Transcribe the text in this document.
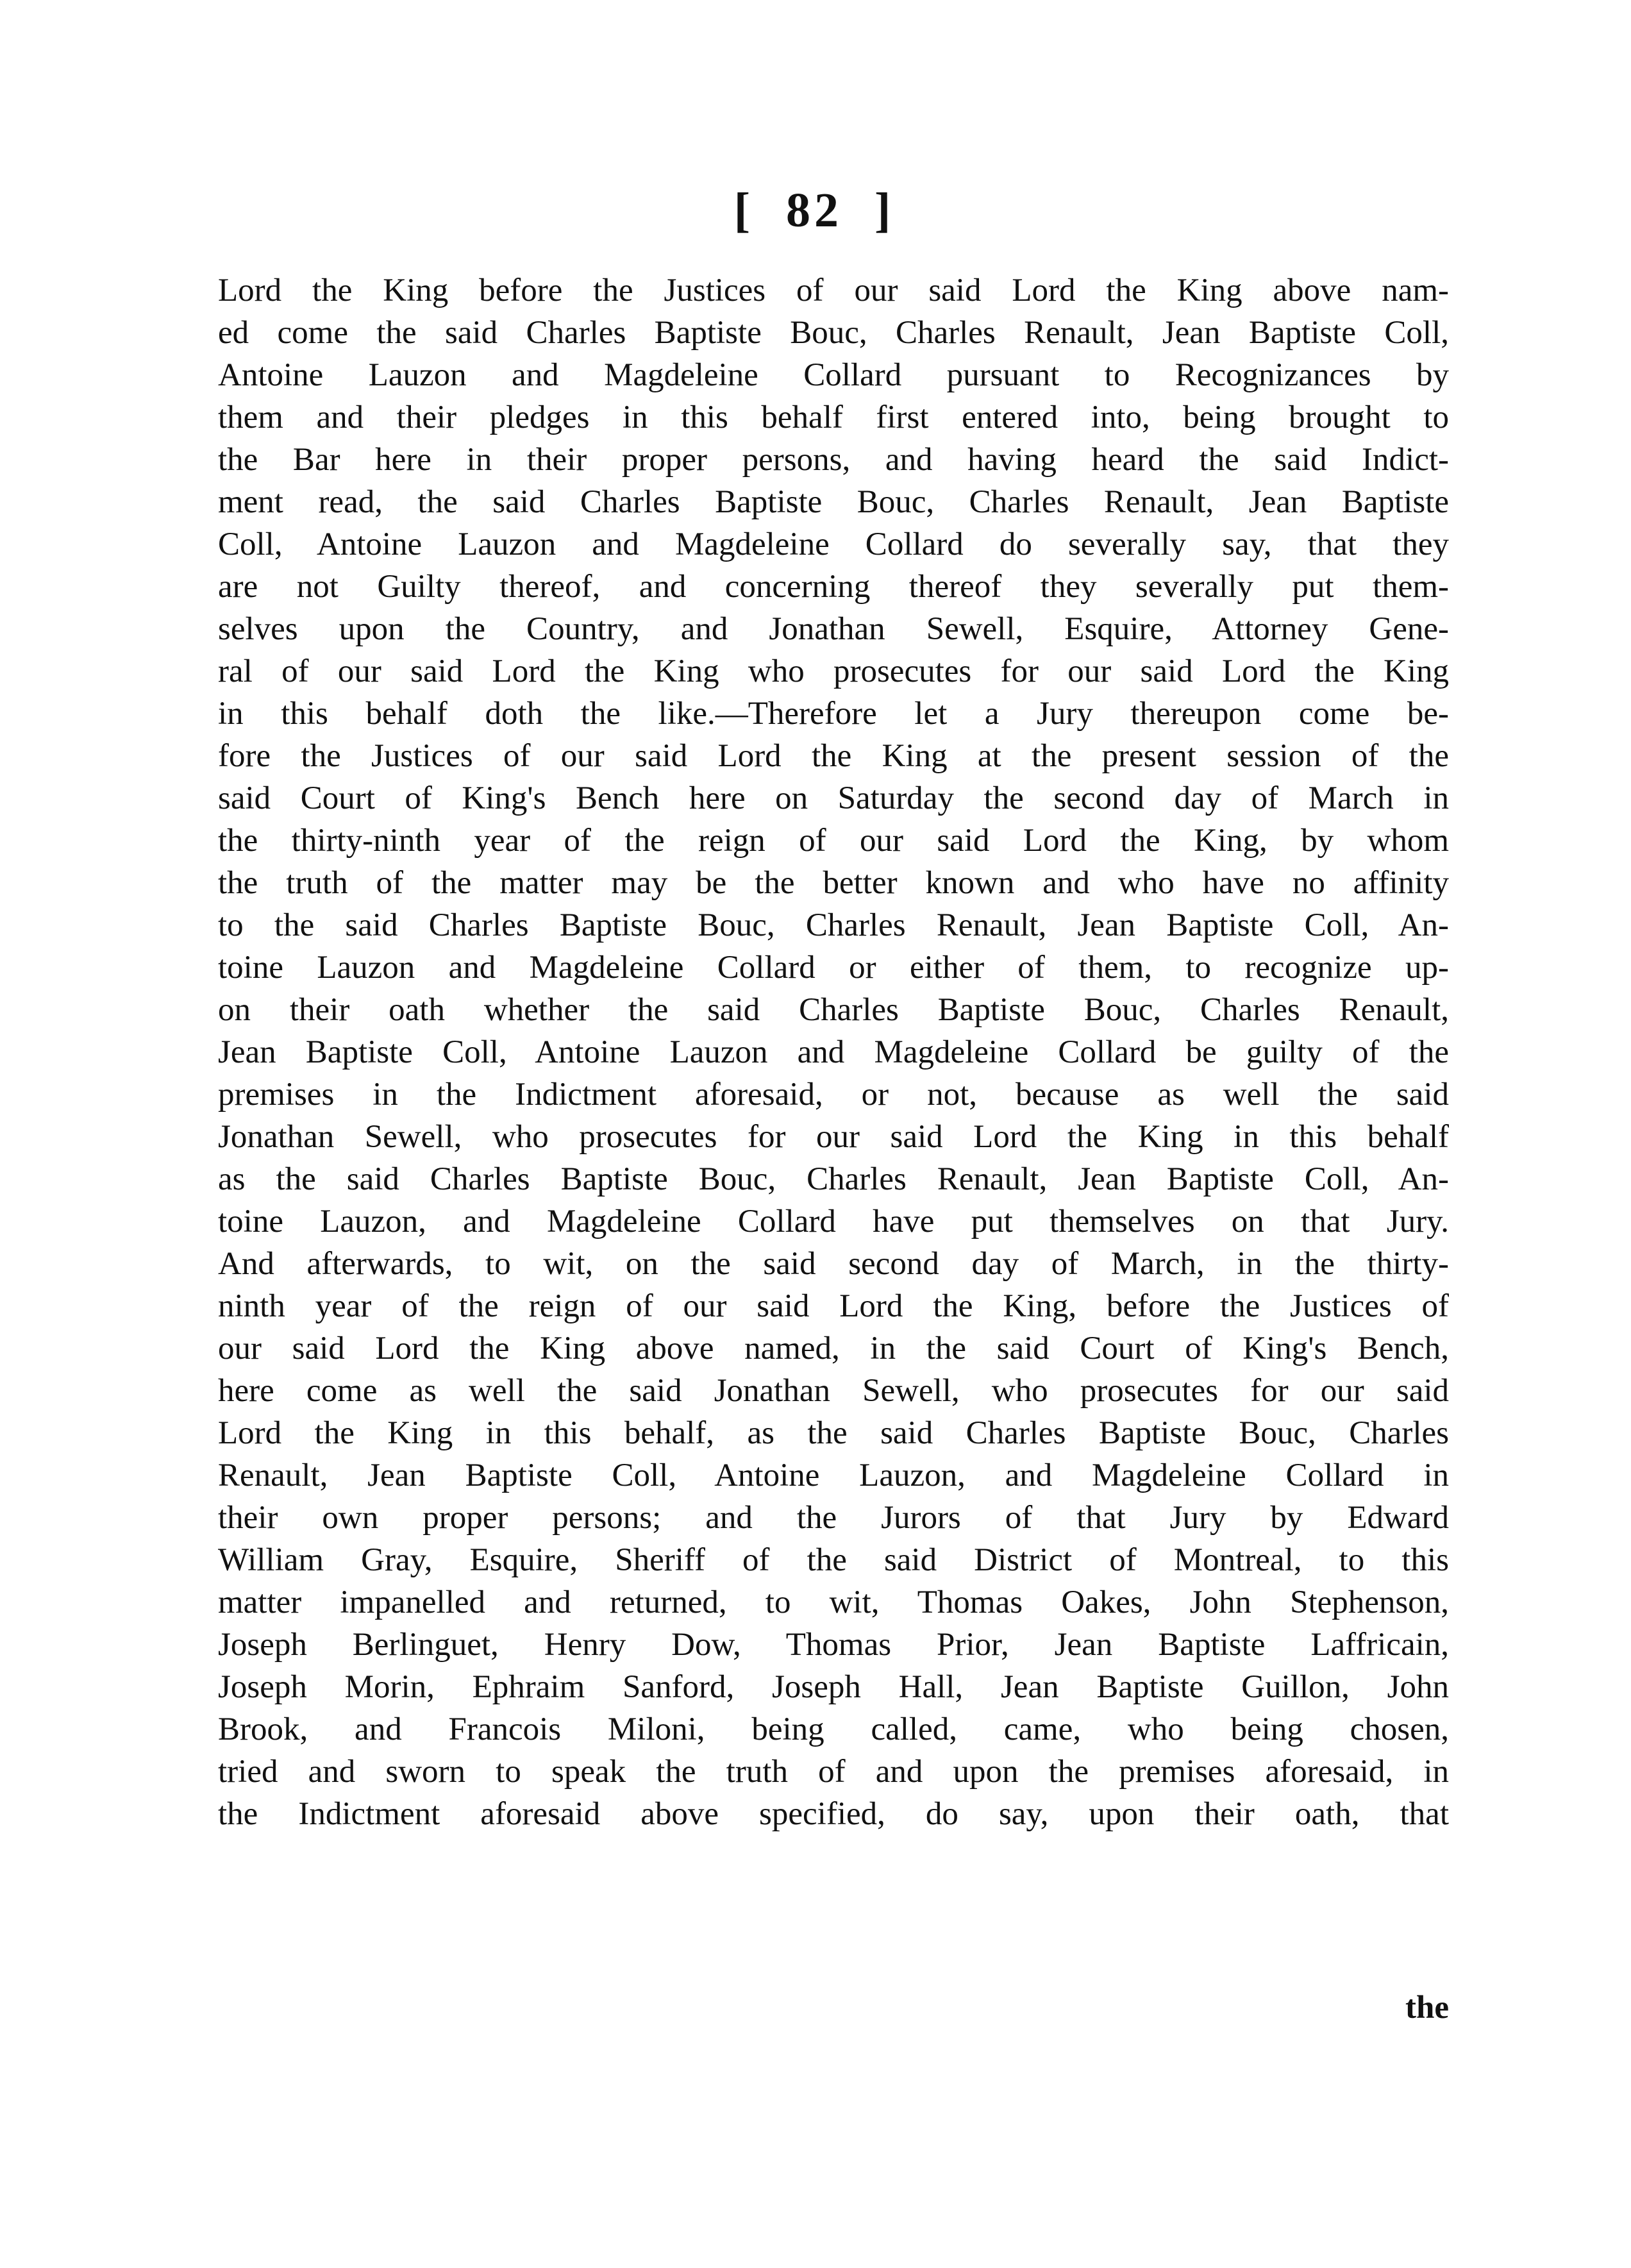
[  82  ]
Lord the King before the Justices of our said Lord the King above nam-
ed come the said Charles Baptiste Bouc, Charles Renault, Jean Baptiste Coll,
Antoine Lauzon and Magdeleine Collard pursuant to Recognizances by
them and their pledges in this behalf first entered into, being brought to
the Bar here in their proper persons, and having heard the said Indict-
ment read, the said Charles Baptiste Bouc, Charles Renault, Jean Baptiste
Coll, Antoine Lauzon and Magdeleine Collard do severally say, that they
are not Guilty thereof, and concerning thereof they severally put them-
selves upon the Country, and Jonathan Sewell, Esquire, Attorney Gene-
ral of our said Lord the King who prosecutes for our said Lord the King
in this behalf doth the like.—Therefore let a Jury thereupon come be-
fore the Justices of our said Lord the King at the present session of the
said Court of King's Bench here on Saturday the second day of March in
the thirty-ninth year of the reign of our said Lord the King, by whom
the truth of the matter may be the better known and who have no affinity
to the said Charles Baptiste Bouc, Charles Renault, Jean Baptiste Coll, An-
toine Lauzon and Magdeleine Collard or either of them, to recognize up-
on their oath whether the said Charles Baptiste Bouc, Charles Renault,
Jean Baptiste Coll, Antoine Lauzon and Magdeleine Collard be guilty of the
premises in the Indictment aforesaid, or not, because as well the said
Jonathan Sewell, who prosecutes for our said Lord the King in this behalf
as the said Charles Baptiste Bouc, Charles Renault, Jean Baptiste Coll, An-
toine Lauzon, and Magdeleine Collard have put themselves on that Jury.
And afterwards, to wit, on the said second day of March, in the thirty-
ninth year of the reign of our said Lord the King, before the Justices of
our said Lord the King above named, in the said Court of King's Bench,
here come as well the said Jonathan Sewell, who prosecutes for our said
Lord the King in this behalf, as the said Charles Baptiste Bouc, Charles
Renault, Jean Baptiste Coll, Antoine Lauzon, and Magdeleine Collard in
their own proper persons; and the Jurors of that Jury by Edward
William Gray, Esquire, Sheriff of the said District of Montreal, to this
matter impanelled and returned, to wit, Thomas Oakes, John Stephenson,
Joseph Berlinguet, Henry Dow, Thomas Prior, Jean Baptiste Laffricain,
Joseph Morin, Ephraim Sanford, Joseph Hall, Jean Baptiste Guillon, John
Brook, and Francois Miloni, being called, came, who being chosen,
tried and sworn to speak the truth of and upon the premises aforesaid, in
the Indictment aforesaid above specified, do say, upon their oath, that
the
